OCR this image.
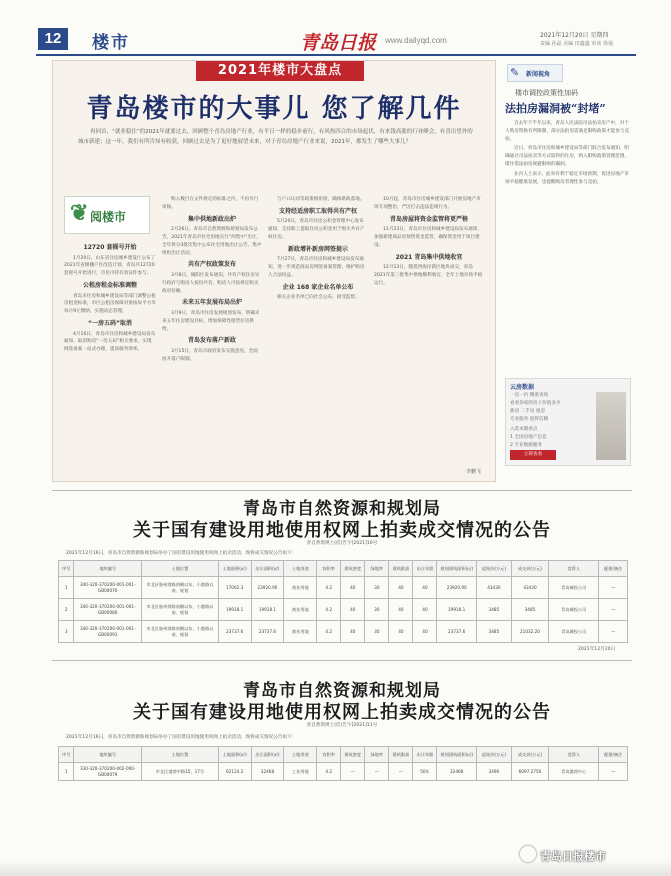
12	楼市	青岛日报 www.dailyqd.com
2021年12月20日 星期四
责编 孙磊 美编 田鑫鑫 审读 徐强
2021年楼市大盘点
青岛楼市的大事儿 您了解几件
再回首，“就业稳住”的2021年就要过去，回顾整个青岛房地产行业，有平日一样的稳步前行，有风热四合的市场起伏，有来钱高涨的行业峰会，有喜出望外的城市新建；这一年，我们有所告知有收获，回顾过去是为了更好地展望未来，对于青岛房地产行业来说，2021年，都发生了哪些大事儿？
❦ 阅楼市
12720 套摇号开始

1月20日，山东省住房城乡建设厅公布了2021年省级棚户区改造计划，青岛共12720套摇号开始进行，市民可持有效证件参与。

公租房租金标准调整

青岛市住房和城乡建设局等部门调整公租房租金标准，市区公租房保障对象按每平方米每月9元缴纳，实施动态管理。

“一房五码”取消

4月16日，青岛市住房和城乡建设局发布通知，取消购房“一房五码”相关要求，实现网签备案一站式办理，提高服务效率。

购入数目在文件规定的标准之内，不再另行审核。

集中供地新政出炉

2月26日，青岛市自然资源和规划局发布公告，2021年青岛市住宅用地实行“两集中”出让，全年将分3批次集中公布住宅用地出让公告、集中组织出让活动。

共有产权政策发布

3月8日，城阳区发布通知，共有产权住房实行政府与购房人按份共有，购房人可按规定购买政府份额。

未来五年发展布局出炉

3月9日，青岛市住房发展规划发布，明确未来五年住房建设目标，增加保障性租赁住房供给。

青岛发布落户新政

3月15日，青岛市政府发布实施意见，全面放开落户限制。

与户口认同等政策相衔接，确保新政落地。

支持经适房职工取得共有产权

5月20日，青岛市住房公积金管理中心发布通知，支持职工提取住房公积金用于购买共有产权住房。

新政增补新房网签提示

7月27日，青岛市住房和城乡建设局发布通知，进一步规范商品房网签备案管理，维护购房人合法权益。

企业 168 家企业名单公布

相关企业名单已向社会公布，接受监督。

10月起，青岛市住房城乡建设部门开展房地产市场专项整治，严厉打击违法违规行为。

青岛房屋将资金监管将更严格

11月23日，青岛市住房和城乡建设局发布通知，加强新建商品房预售资金监管，确保资金用于项目建设。

2021 青岛集中供地收官

12月13日，随着西海岸新区地块成交，青岛2021年第三批集中供地顺利收官，全年土地市场平稳运行。

李鹏飞
✎ 新闻视角
楼市调控政策性加码
法拍房漏洞被“封堵”

自去年下半年以来，青岛人民法院司法拍卖房产中，对个人购房资格有所限制，部分法拍房需满足限购政策才能参与竞拍。

近日，青岛市住房和城乡建设局等部门联合发布通知，明确通过司法拍卖等方式取得的住房，纳入限购政策管理范围，堵住借法拍房规避限购的漏洞。

业内人士表示，此举有利于稳定市场预期，促进房地产市场平稳健康发展，也提醒购房者理性参与竞拍。

云房数据
一房一价 精准查询
看看你家的房子价值多少
新房 二手房 租房
专业服务 值得信赖
入选本期看点
1 全国房地产信息
2 专业数据服务
立即查看
青岛市自然资源和规划局
关于国有建设用地使用权网上拍卖成交情况的公告
青自然资规土(挂)告字[2021]10号
2021年12月16日，青岛市自然资源和规划局举办了国有建设用地使用权网上拍卖活动，现将成交情况公告如下：
序号	地块编号	土地位置	土地面积(㎡)	出让面积(㎡)	土地用途	容积率	建筑密度	绿地率	建筑限高	出让年限	规划建筑面积(㎡)	起始价(万元)	成交价(万元)	竞得人	配建/备注
1	340-320-370200-001-001-GB00070	市北区胶州湾路南侧以东、小港路以南、规划	17062.3	23920.90	商业用地	4.2	40	30	40	40	23920.90	43430	43430	青岛城投公司	—
2	340-320-370200-001-001-GB00080	市北区胶州湾路南侧以东、小港路以南、规划	19918.1	19918.1	商业用地	4.2	40	30	40	40	19918.1	3485	3485	青岛城投公司	—
3	340-320-370200-001-001-GB00091	市北区胶州湾路南侧以东、小港路以南、规划	23737.6	23737.6	商业用地	4.2	40	30	40	40	23737.6	3485	21032.20	青岛城投公司	—
2021年12月20日
青岛市自然资源和规划局
关于国有建设用地使用权网上拍卖成交情况的公告
青自然资规土(挂)告字[2021]11号
2021年12月16日，青岛市自然资源和规划局举办了国有建设用地使用权网上拍卖活动，现将成交情况公告如下：
序号	地块编号	土地位置	土地面积(㎡)	出让面积(㎡)	土地用途	容积率	建筑密度	绿地率	建筑限高	出让年限	规划建筑面积(㎡)	起始价(万元)	成交价(万元)	竞得人	配建/备注
1	330-320-370200-002-000-GB00079	市北区港湾中路15、17号	62124.2	32468	工业用地	4.2	—	—	—	50年	32468	3490	6097.2750	青岛港湾中心	—
青岛日报楼市
